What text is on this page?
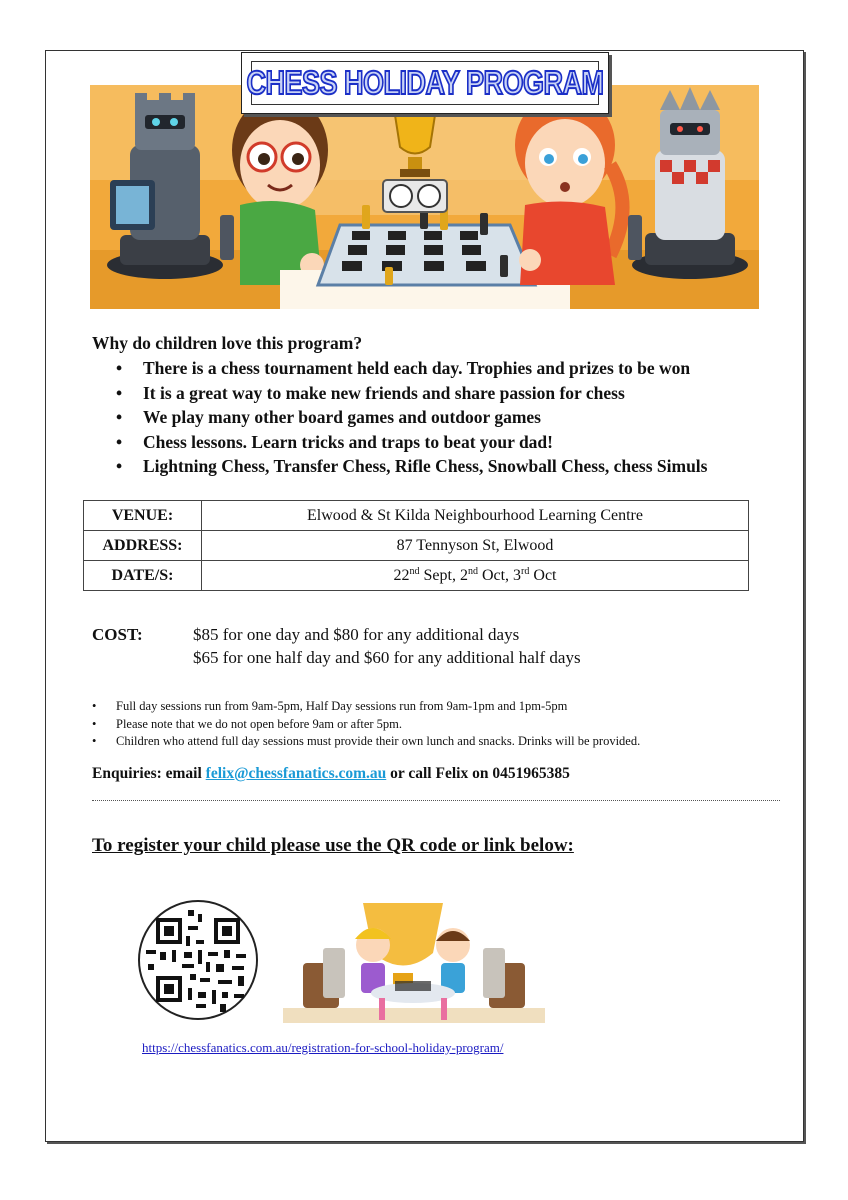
CHESS HOLIDAY PROGRAM
Why do children love this program?
• There is a chess tournament held each day. Trophies and prizes to be won
• It is a great way to make new friends and share passion for chess
• We play many other board games and outdoor games
• Chess lessons. Learn tricks and traps to beat your dad!
• Lightning Chess, Transfer Chess, Rifle Chess, Snowball Chess, chess Simuls
VENUE:	Elwood & St Kilda Neighbourhood Learning Centre
ADDRESS:	87 Tennyson St, Elwood
DATE/S:	22nd Sept, 2nd Oct, 3rd Oct
COST:	$85 for one day and $80 for any additional days
$65 for one half day and $60 for any additional half days
• Full day sessions run from 9am-5pm, Half Day sessions run from 9am-1pm and 1pm-5pm
• Please note that we do not open before 9am or after 5pm.
• Children who attend full day sessions must provide their own lunch and snacks. Drinks will be provided.
Enquiries: email felix@chessfanatics.com.au or call Felix on 0451965385
To register your child please use the QR code or link below:
https://chessfanatics.com.au/registration-for-school-holiday-program/
